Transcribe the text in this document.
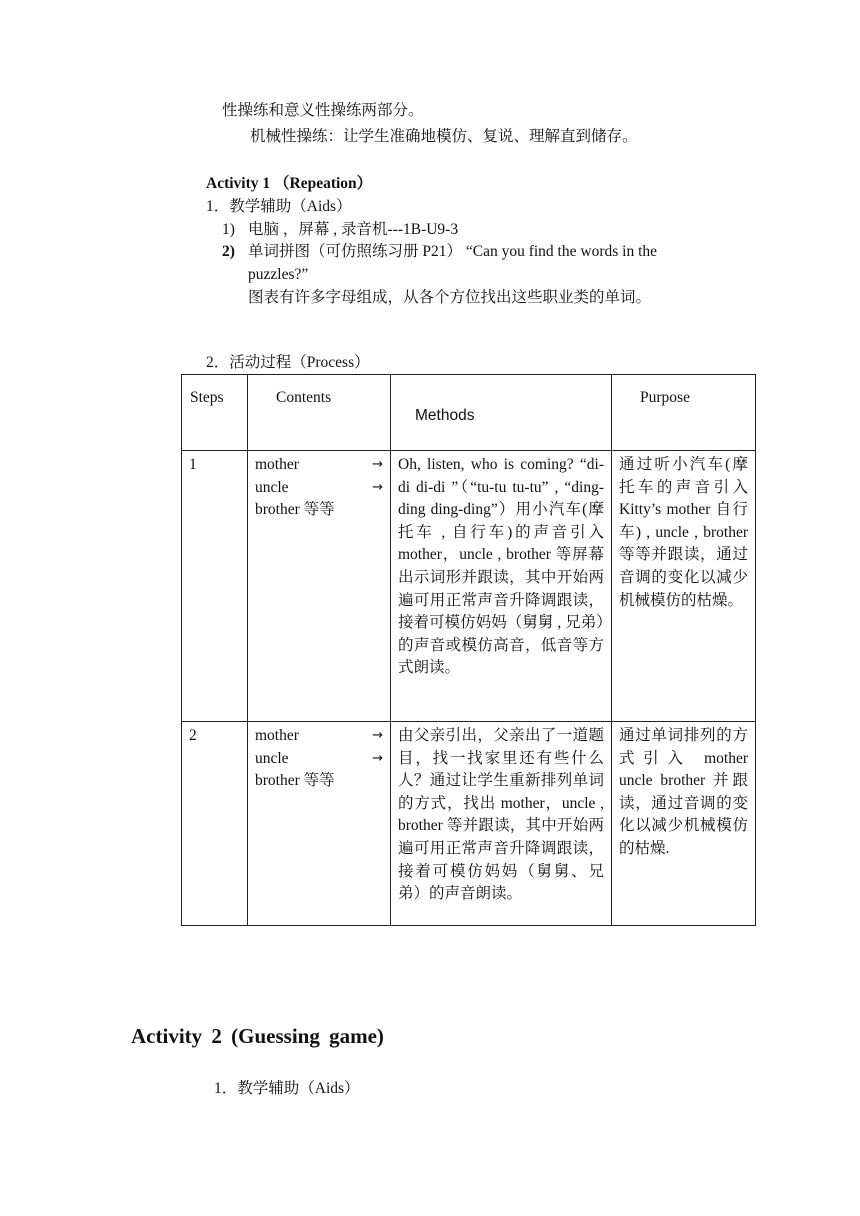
性操练和意义性操练两部分。
机械性操练：让学生准确地模仿、复说、理解直到储存。
Activity 1 （Repeation）
1．教学辅助（Aids）
1) 电脑 ，屏幕 , 录音机---1B-U9-3
2) 单词拼图（可仿照练习册 P21） “Can you find the words in the
puzzles?”
图表有许多字母组成，从各个方位找出这些职业类的单词。
2．活动过程（Process）
Steps	Contents	Methods	Purpose
1	mother →
uncle →
brother 等等	Oh, listen, who is coming? “di-di di-di ”（“tu-tu tu-tu” , “ding-ding ding-ding”）用小汽车(摩托车 , 自行车)的声音引入 mother，uncle , brother 等屏幕出示词形并跟读，其中开始两遍可用正常声音升降调跟读，接着可模仿妈妈（舅舅 , 兄弟）的声音或模仿高音，低音等方式朗读。	通过听小汽车(摩托车的声音引入 Kitty’s mother 自行车) , uncle , brother 等等并跟读，通过音调的变化以减少机械模仿的枯燥。
2	mother →
uncle →
brother 等等	由父亲引出，父亲出了一道题目，找一找家里还有些什么人？通过让学生重新排列单词的方式，找出 mother，uncle , brother 等并跟读，其中开始两遍可用正常声音升降调跟读，接着可模仿妈妈（舅舅、兄弟）的声音朗读。	通过单词排列的方式引入 mother uncle brother 并跟读，通过音调的变化以减少机械模仿的枯燥.
Activity 2 (Guessing game)
1．教学辅助（Aids）
